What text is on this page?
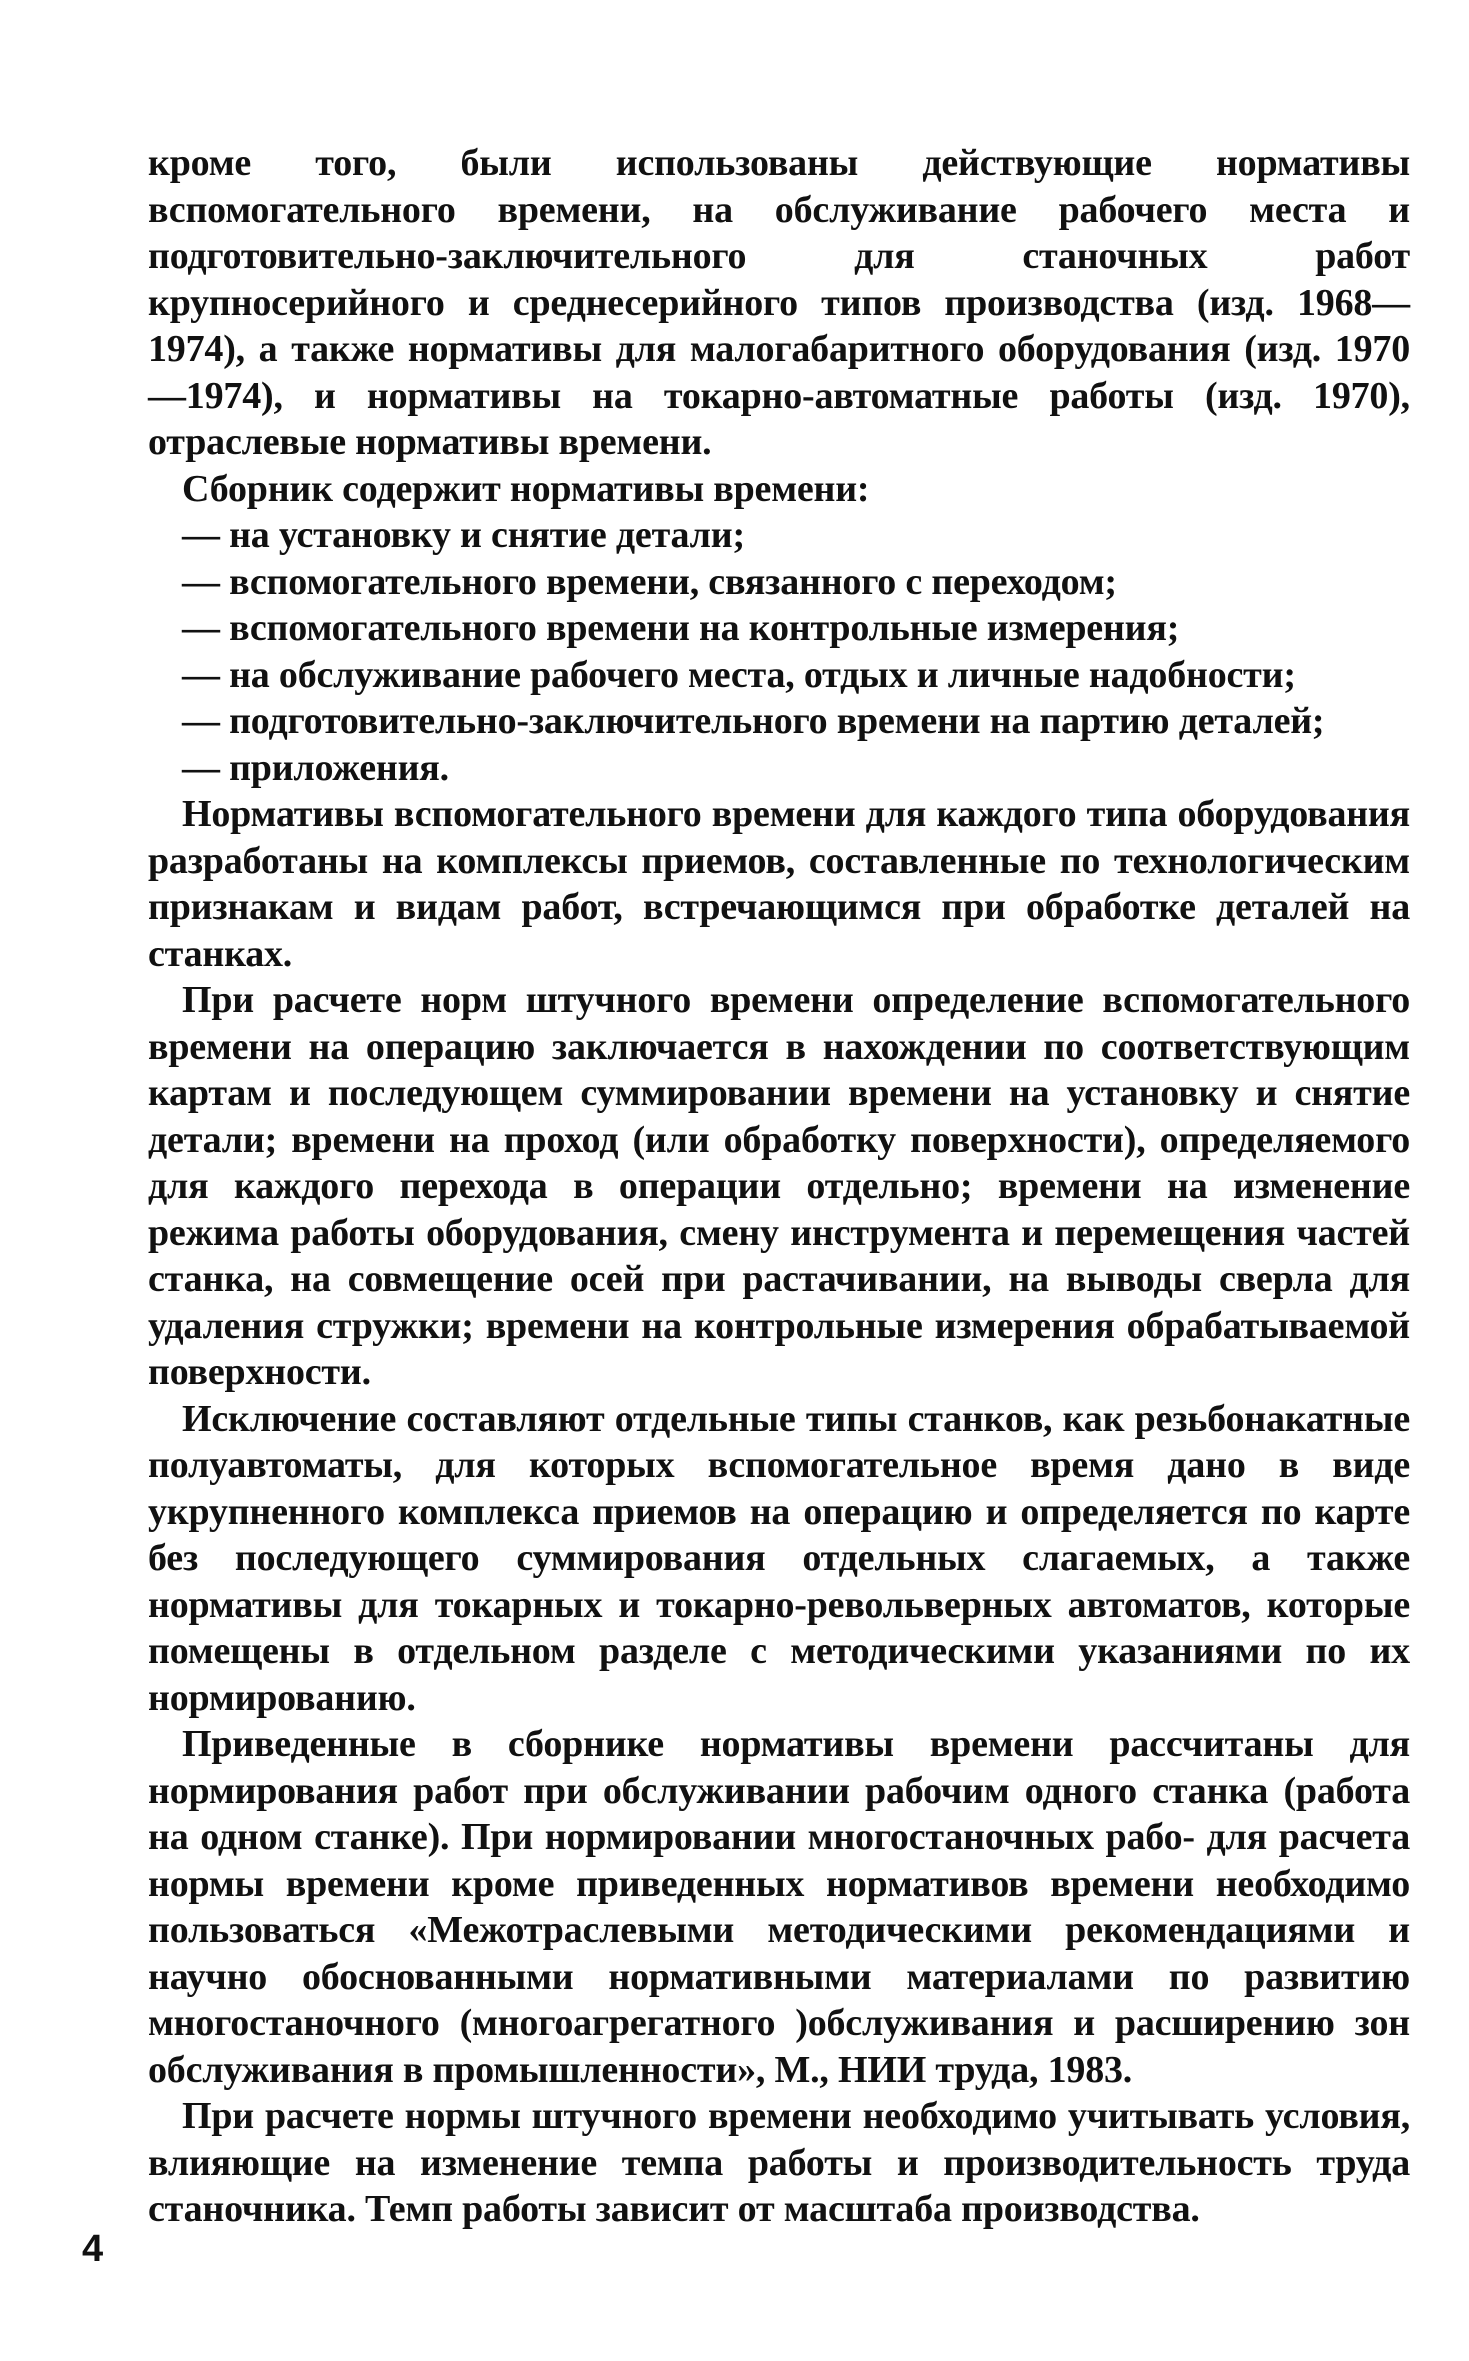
кроме того, были использованы действующие нормативы вспомогательного времени, на обслуживание рабочего места и подготовительно-заключительного для станочных работ крупносерийного и среднесерийного типов производства (изд. 1968—1974), а также нормативы для малогабаритного оборудования (изд. 1970—1974), и нормативы на токарно-автоматные работы (изд. 1970), отраслевые нормативы времени.

Сборник содержит нормативы времени:

— на установку и снятие детали;

— вспомогательного времени, связанного с переходом;

— вспомогательного времени на контрольные измерения;

— на обслуживание рабочего места, отдых и личные надобности;

— подготовительно-заключительного времени на партию деталей;

— приложения.

Нормативы вспомогательного времени для каждого типа оборудования разработаны на комплексы приемов, составленные по технологическим признакам и видам работ, встречающимся при обработке деталей на станках.

При расчете норм штучного времени определение вспомогательного времени на операцию заключается в нахождении по соответствующим картам и последующем суммировании времени на установку и снятие детали; времени на проход (или обработку поверхности), определяемого для каждого перехода в операции отдельно; времени на изменение режима работы оборудования, смену инструмента и перемещения частей станка, на совмещение осей при растачивании, на выводы сверла для удаления стружки; времени на контрольные измерения обрабатываемой поверхности.

Исключение составляют отдельные типы станков, как резьбонакатные полуавтоматы, для которых вспомогательное время дано в виде укрупненного комплекса приемов на операцию и определяется по карте без последующего суммирования отдельных слагаемых, а также нормативы для токарных и токарно-револьверных автоматов, которые помещены в отдельном разделе с методическими указаниями по их нормированию.

Приведенные в сборнике нормативы времени рассчитаны для нормирования работ при обслуживании рабочим одного станка (работа на одном станке). При нормировании многостаночных рабо- для расчета нормы времени кроме приведенных нормативов времени необходимо пользоваться «Межотраслевыми методическими рекомендациями и научно обоснованными нормативными материалами по развитию многостаночного (многоагрегатного )обслуживания и расширению зон обслуживания в промышленности», М., НИИ труда, 1983.

При расчете нормы штучного времени необходимо учитывать условия, влияющие на изменение темпа работы и производительность труда станочника. Темп работы зависит от масштаба производства.

4
